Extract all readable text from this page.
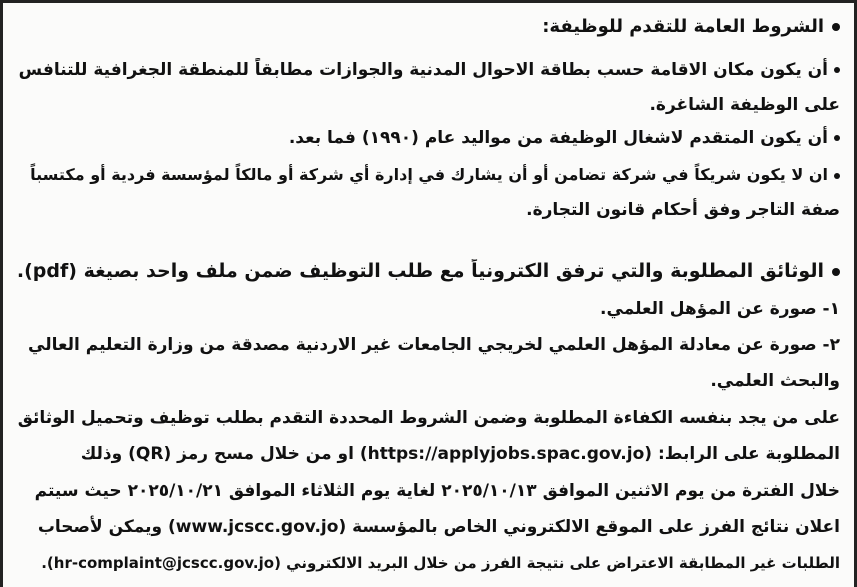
الشروط العامة للتقدم للوظيفة:
أن يكون مكان الاقامة حسب بطاقة الاحوال المدنية والجوازات مطابقاً للمنطقة الجغرافية للتنافس
على الوظيفة الشاغرة.
أن يكون المتقدم لاشغال الوظيفة من مواليد عام (١٩٩٠) فما بعد.
ان لا يكون شريكاً في شركة تضامن أو أن يشارك في إدارة أي شركة أو مالكاً لمؤسسة فردية أو مكتسباً
صفة التاجر وفق أحكام قانون التجارة.
الوثائق المطلوبة والتي ترفق الكترونياً مع طلب التوظيف ضمن ملف واحد بصيغة (pdf).
١- صورة عن المؤهل العلمي.
٢- صورة عن معادلة المؤهل العلمي لخريجي الجامعات غير الاردنية مصدقة من وزارة التعليم العالي
والبحث العلمي.
على من يجد بنفسه الكفاءة المطلوبة وضمن الشروط المحددة التقدم بطلب توظيف وتحميل الوثائق
المطلوبة على الرابط: (https://applyjobs.spac.gov.jo) او من خلال مسح رمز (QR) وذلك
خلال الفترة من يوم الاثنين الموافق ٢٠٢٥/١٠/١٣ لغاية يوم الثلاثاء الموافق ٢٠٢٥/١٠/٢١ حيث سيتم
اعلان نتائج الفرز على الموقع الالكتروني الخاص بالمؤسسة (www.jcscc.gov.jo) ويمكن لأصحاب
الطلبات غير المطابقة الاعتراض على نتيجة الفرز من خلال البريد الالكتروني (hr-complaint@jcscc.gov.jo).
